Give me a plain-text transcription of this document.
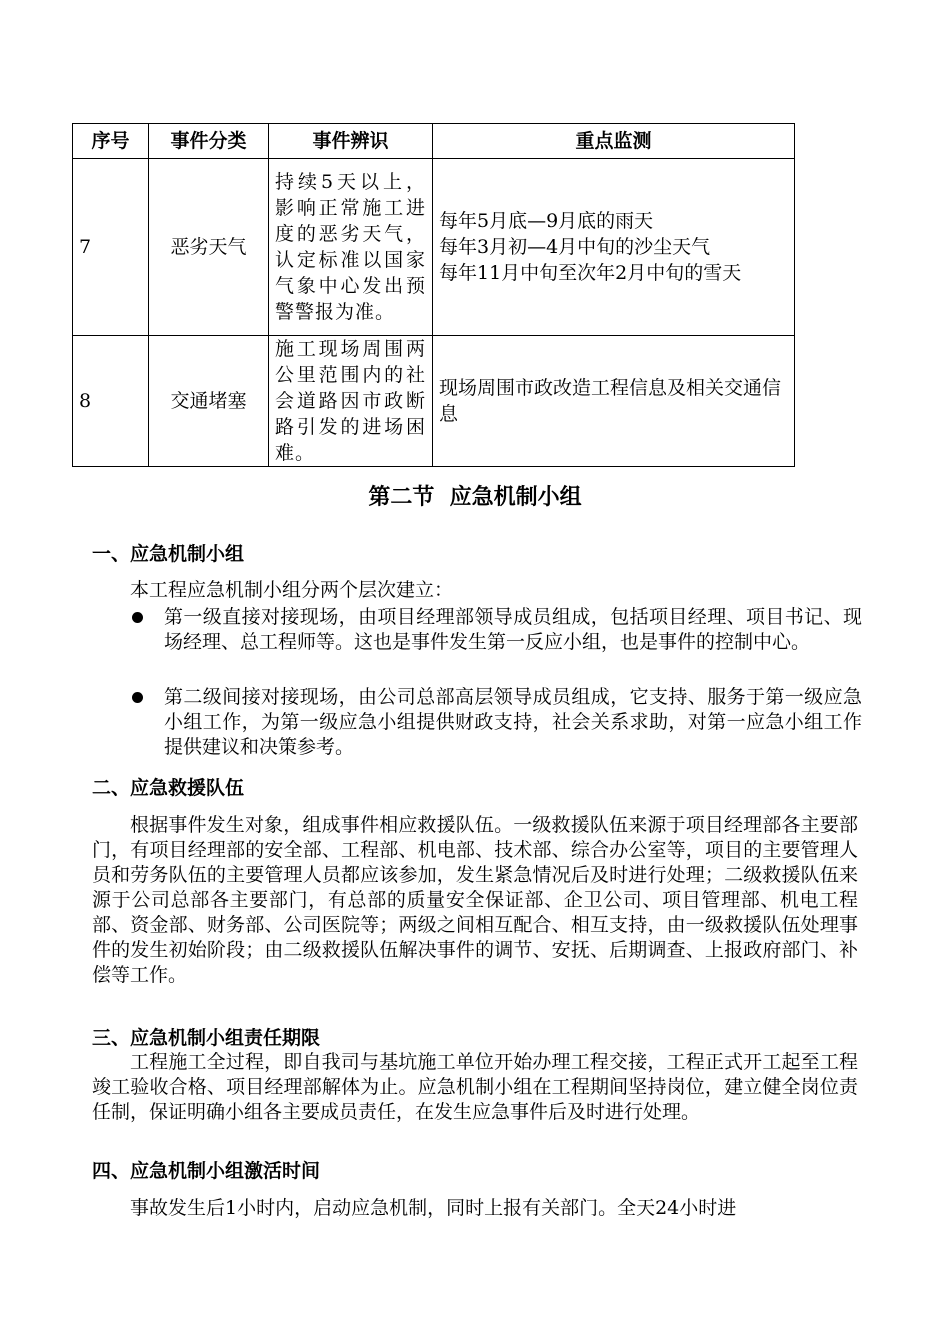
序号	事件分类	事件辨识	重点监测
7	恶劣天气	持续5天以上，影响正常施工进度的恶劣天气，认定标准以国家气象中心发出预警警报为准。	每年5月底—9月底的雨天
每年3月初—4月中旬的沙尘天气
每年11月中旬至次年2月中旬的雪天

8	交通堵塞	施工现场周围两公里范围内的社会道路因市政断路引发的进场困难。	现场周围市政改造工程信息及相关交通信息
第二节  应急机制小组
一、应急机制小组
本工程应急机制小组分两个层次建立：
第一级直接对接现场，由项目经理部领导成员组成，包括项目经理、项目书记、现场经理、总工程师等。这也是事件发生第一反应小组，也是事件的控制中心。
第二级间接对接现场，由公司总部高层领导成员组成，它支持、服务于第一级应急小组工作，为第一级应急小组提供财政支持，社会关系求助，对第一应急小组工作提供建议和决策参考。
二、应急救援队伍
根据事件发生对象，组成事件相应救援队伍。一级救援队伍来源于项目经理部各主要部门，有项目经理部的安全部、工程部、机电部、技术部、综合办公室等，项目的主要管理人员和劳务队伍的主要管理人员都应该参加，发生紧急情况后及时进行处理；二级救援队伍来源于公司总部各主要部门，有总部的质量安全保证部、企卫公司、项目管理部、机电工程部、资金部、财务部、公司医院等；两级之间相互配合、相互支持，由一级救援队伍处理事件的发生初始阶段；由二级救援队伍解决事件的调节、安抚、后期调查、上报政府部门、补偿等工作。
三、应急机制小组责任期限
工程施工全过程，即自我司与基坑施工单位开始办理工程交接，工程正式开工起至工程竣工验收合格、项目经理部解体为止。应急机制小组在工程期间坚持岗位，建立健全岗位责任制，保证明确小组各主要成员责任，在发生应急事件后及时进行处理。
四、应急机制小组激活时间
事故发生后1小时内，启动应急机制，同时上报有关部门。全天24小时进
